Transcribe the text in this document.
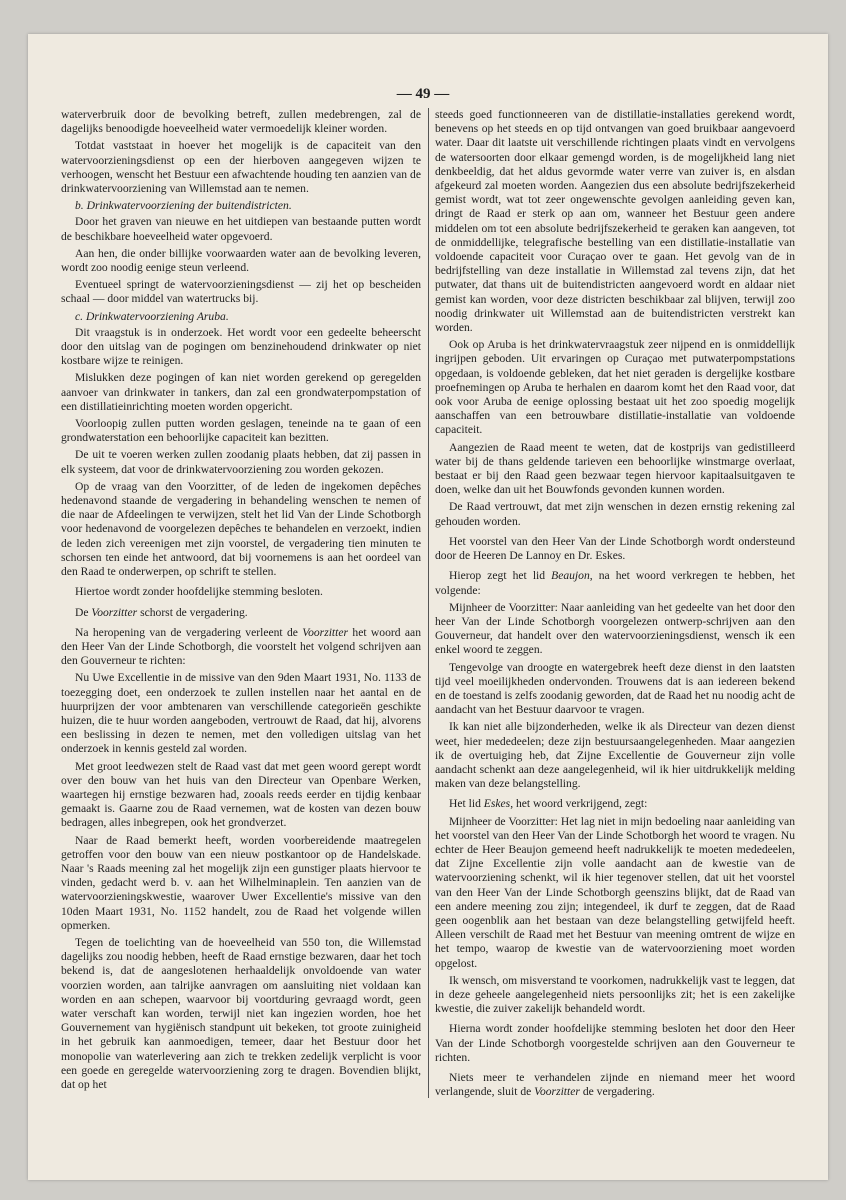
— 49 —

waterverbruik door de bevolking betreft, zullen medebrengen, zal de dagelijks benoodigde hoeveelheid water vermoedelijk kleiner worden.

Totdat vaststaat in hoever het mogelijk is de capaciteit van den watervoorzieningsdienst op een der hierboven aangegeven wijzen te verhoogen, wenscht het Bestuur een afwachtende houding ten aanzien van de drinkwatervoorziening van Willemstad aan te nemen.

b. Drinkwatervoorziening der buitendistricten.

Door het graven van nieuwe en het uitdiepen van bestaande putten wordt de beschikbare hoeveelheid water opgevoerd.

Aan hen, die onder billijke voorwaarden water aan de bevolking leveren, wordt zoo noodig eenige steun verleend.

Eventueel springt de watervoorzieningsdienst — zij het op bescheiden schaal — door middel van watertrucks bij.

c. Drinkwatervoorziening Aruba.

Dit vraagstuk is in onderzoek. Het wordt voor een gedeelte beheerscht door den uitslag van de pogingen om benzinehoudend drinkwater op niet kostbare wijze te reinigen.

Mislukken deze pogingen of kan niet worden gerekend op geregelden aanvoer van drinkwater in tankers, dan zal een grondwaterpompstation of een distillatieinrichting moeten worden opgericht.

Voorloopig zullen putten worden geslagen, teneinde na te gaan of een grondwaterstation een behoorlijke capaciteit kan bezitten.

De uit te voeren werken zullen zoodanig plaats hebben, dat zij passen in elk systeem, dat voor de drinkwatervoorziening zou worden gekozen.

Op de vraag van den Voorzitter, of de leden de ingekomen depêches hedenavond staande de vergadering in behandeling wenschen te nemen of die naar de Afdeelingen te verwijzen, stelt het lid Van der Linde Schotborgh voor hedenavond de voorgelezen depêches te behandelen en verzoekt, indien de leden zich vereenigen met zijn voorstel, de vergadering tien minuten te schorsen ten einde het antwoord, dat bij voornemens is aan het oordeel van den Raad te onderwerpen, op schrift te stellen.

Hiertoe wordt zonder hoofdelijke stemming besloten.

De Voorzitter schorst de vergadering.

Na heropening van de vergadering verleent de Voorzitter het woord aan den Heer Van der Linde Schotborgh, die voorstelt het volgend schrijven aan den Gouverneur te richten:

Nu Uwe Excellentie in de missive van den 9den Maart 1931, No. 1133 de toezegging doet, een onderzoek te zullen instellen naar het aantal en de huurprijzen der voor ambtenaren van verschillende categorieën geschikte huizen, die te huur worden aangeboden, vertrouwt de Raad, dat hij, alvorens een beslissing in dezen te nemen, met den volledigen uitslag van het onderzoek in kennis gesteld zal worden.

Met groot leedwezen stelt de Raad vast dat met geen woord gerept wordt over den bouw van het huis van den Directeur van Openbare Werken, waartegen hij ernstige bezwaren had, zooals reeds eerder en tijdig kenbaar gemaakt is. Gaarne zou de Raad vernemen, wat de kosten van dezen bouw bedragen, alles inbegrepen, ook het grondverzet.

Naar de Raad bemerkt heeft, worden voorbereidende maatregelen getroffen voor den bouw van een nieuw postkantoor op de Handelskade. Naar 's Raads meening zal het mogelijk zijn een gunstiger plaats hiervoor te vinden, gedacht werd b. v. aan het Wilhelminaplein. Ten aanzien van de watervoorzieningskwestie, waarover Uwer Excellentie's missive van den 10den Maart 1931, No. 1152 handelt, zou de Raad het volgende willen opmerken.

Tegen de toelichting van de hoeveelheid van 550 ton, die Willemstad dagelijks zou noodig hebben, heeft de Raad ernstige bezwaren, daar het toch bekend is, dat de aangeslotenen herhaaldelijk onvoldoende van water voorzien worden, aan talrijke aanvragen om aansluiting niet voldaan kan worden en aan schepen, waarvoor bij voortduring gevraagd wordt, geen water verschaft kan worden, terwijl niet kan ingezien worden, hoe het Gouvernement van hygiënisch standpunt uit bekeken, tot groote zuinigheid in het gebruik kan aanmoedigen, temeer, daar het Bestuur door het monopolie van waterlevering aan zich te trekken zedelijk verplicht is voor een goede en geregelde watervoorziening zorg te dragen. Bovendien blijkt, dat op het

steeds goed functionneeren van de distillatie-installaties gerekend wordt, benevens op het steeds en op tijd ontvangen van goed bruikbaar aangevoerd water. Daar dit laatste uit verschillende richtingen plaats vindt en vervolgens de watersoorten door elkaar gemengd worden, is de mogelijkheid lang niet denkbeeldig, dat het aldus gevormde water verre van zuiver is, en alsdan afgekeurd zal moeten worden. Aangezien dus een absolute bedrijfszekerheid gemist wordt, wat tot zeer ongewenschte gevolgen aanleiding geven kan, dringt de Raad er sterk op aan om, wanneer het Bestuur geen andere middelen om tot een absolute bedrijfszekerheid te geraken kan aangeven, tot de onmiddellijke, telegrafische bestelling van een distillatie-installatie van voldoende capaciteit voor Curaçao over te gaan. Het gevolg van de in bedrijfstelling van deze installatie in Willemstad zal tevens zijn, dat het putwater, dat thans uit de buitendistricten aangevoerd wordt en aldaar niet gemist kan worden, voor deze districten beschikbaar zal blijven, terwijl zoo noodig drinkwater uit Willemstad aan de buitendistricten verstrekt kan worden.

Ook op Aruba is het drinkwatervraagstuk zeer nijpend en is onmiddellijk ingrijpen geboden. Uit ervaringen op Curaçao met putwaterpompstations opgedaan, is voldoende gebleken, dat het niet geraden is dergelijke kostbare proefnemingen op Aruba te herhalen en daarom komt het den Raad voor, dat ook voor Aruba de eenige oplossing bestaat uit het zoo spoedig mogelijk aanschaffen van een betrouwbare distillatie-installatie van voldoende capaciteit.

Aangezien de Raad meent te weten, dat de kostprijs van gedistilleerd water bij de thans geldende tarieven een behoorlijke winstmarge overlaat, bestaat er bij den Raad geen bezwaar tegen hiervoor kapitaalsuitgaven te doen, welke dan uit het Bouwfonds gevonden kunnen worden.

De Raad vertrouwt, dat met zijn wenschen in dezen ernstig rekening zal gehouden worden.

Het voorstel van den Heer Van der Linde Schotborgh wordt ondersteund door de Heeren De Lannoy en Dr. Eskes.

Hierop zegt het lid Beaujon, na het woord verkregen te hebben, het volgende:

Mijnheer de Voorzitter: Naar aanleiding van het gedeelte van het door den heer Van der Linde Schotborgh voorgelezen ontwerp-schrijven aan den Gouverneur, dat handelt over den watervoorzieningsdienst, wensch ik een enkel woord te zeggen.

Tengevolge van droogte en watergebrek heeft deze dienst in den laatsten tijd veel moeilijkheden ondervonden. Trouwens dat is aan iedereen bekend en de toestand is zelfs zoodanig geworden, dat de Raad het nu noodig acht de aandacht van het Bestuur daarvoor te vragen.

Ik kan niet alle bijzonderheden, welke ik als Directeur van dezen dienst weet, hier mededeelen; deze zijn bestuursaangelegenheden. Maar aangezien ik de overtuiging heb, dat Zijne Excellentie de Gouverneur zijn volle aandacht schenkt aan deze aangelegenheid, wil ik hier uitdrukkelijk melding maken van deze belangstelling.

Het lid Eskes, het woord verkrijgend, zegt:

Mijnheer de Voorzitter: Het lag niet in mijn bedoeling naar aanleiding van het voorstel van den Heer Van der Linde Schotborgh het woord te vragen. Nu echter de Heer Beaujon gemeend heeft nadrukkelijk te moeten mededeelen, dat Zijne Excellentie zijn volle aandacht aan de kwestie van de watervoorziening schenkt, wil ik hier tegenover stellen, dat uit het voorstel van den Heer Van der Linde Schotborgh geenszins blijkt, dat de Raad van een andere meening zou zijn; integendeel, ik durf te zeggen, dat de Raad geen oogenblik aan het bestaan van deze belangstelling getwijfeld heeft. Alleen verschilt de Raad met het Bestuur van meening omtrent de wijze en het tempo, waarop de kwestie van de watervoorziening moet worden opgelost.

Ik wensch, om misverstand te voorkomen, nadrukkelijk vast te leggen, dat in deze geheele aangelegenheid niets persoonlijks zit; het is een zakelijke kwestie, die zuiver zakelijk behandeld wordt.

Hierna wordt zonder hoofdelijke stemming besloten het door den Heer Van der Linde Schotborgh voorgestelde schrijven aan den Gouverneur te richten.

Niets meer te verhandelen zijnde en niemand meer het woord verlangende, sluit de Voorzitter de vergadering.
